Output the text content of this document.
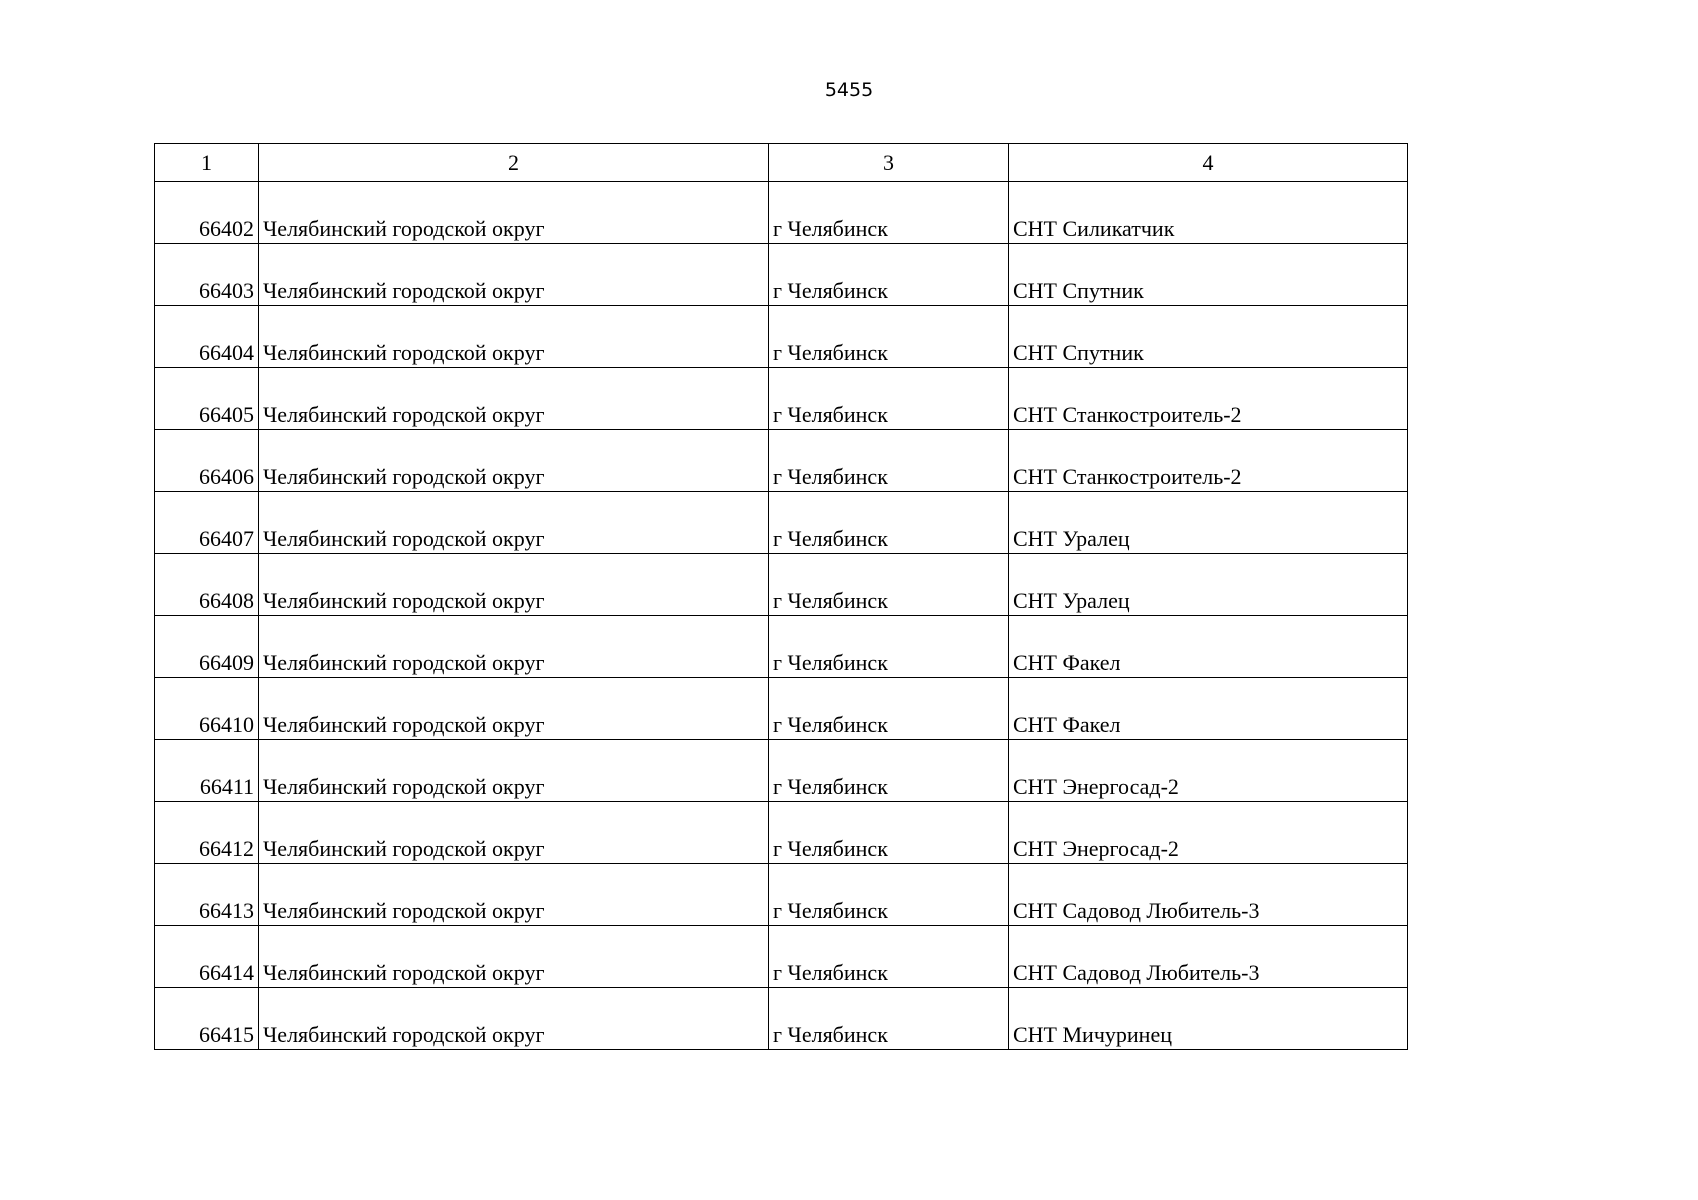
5455
1	2	3	4
66402	Челябинский городской округ	г Челябинск	СНТ Силикатчик
66403	Челябинский городской округ	г Челябинск	СНТ Спутник
66404	Челябинский городской округ	г Челябинск	СНТ Спутник
66405	Челябинский городской округ	г Челябинск	СНТ Станкостроитель-2
66406	Челябинский городской округ	г Челябинск	СНТ Станкостроитель-2
66407	Челябинский городской округ	г Челябинск	СНТ Уралец
66408	Челябинский городской округ	г Челябинск	СНТ Уралец
66409	Челябинский городской округ	г Челябинск	СНТ Факел
66410	Челябинский городской округ	г Челябинск	СНТ Факел
66411	Челябинский городской округ	г Челябинск	СНТ Энергосад-2
66412	Челябинский городской округ	г Челябинск	СНТ Энергосад-2
66413	Челябинский городской округ	г Челябинск	СНТ Садовод Любитель-3
66414	Челябинский городской округ	г Челябинск	СНТ Садовод Любитель-3
66415	Челябинский городской округ	г Челябинск	СНТ Мичуринец
